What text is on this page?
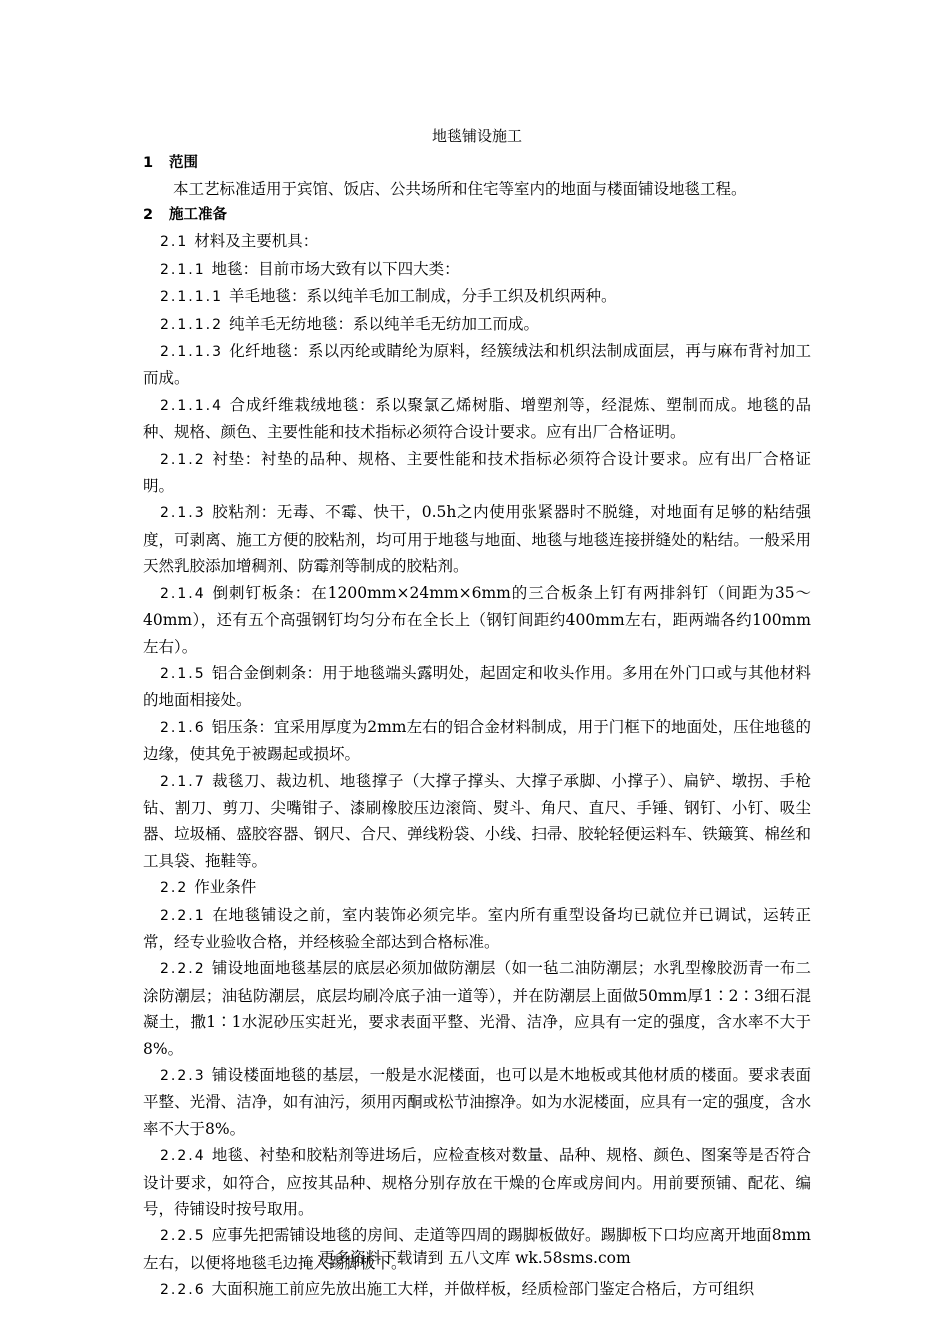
地毯铺设施工

1 范围

本工艺标准适用于宾馆、饭店、公共场所和住宅等室内的地面与楼面铺设地毯工程。

2 施工准备

2.1 材料及主要机具：

2.1.1 地毯：目前市场大致有以下四大类：

2.1.1.1 羊毛地毯：系以纯羊毛加工制成，分手工织及机织两种。

2.1.1.2 纯羊毛无纺地毯：系以纯羊毛无纺加工而成。

2.1.1.3 化纤地毯：系以丙纶或睛纶为原料，经簇绒法和机织法制成面层，再与麻布背衬加工而成。

2.1.1.4 合成纤维栽绒地毯：系以聚氯乙烯树脂、增塑剂等，经混炼、塑制而成。地毯的品种、规格、颜色、主要性能和技术指标必须符合设计要求。应有出厂合格证明。

2.1.2 衬垫：衬垫的品种、规格、主要性能和技术指标必须符合设计要求。应有出厂合格证明。

2.1.3 胶粘剂：无毒、不霉、快干，0.5h之内使用张紧器时不脱缝，对地面有足够的粘结强度，可剥离、施工方便的胶粘剂，均可用于地毯与地面、地毯与地毯连接拼缝处的粘结。一般采用天然乳胶添加增稠剂、防霉剂等制成的胶粘剂。

2.1.4 倒刺钉板条：在1200mm×24mm×6mm的三合板条上钉有两排斜钉（间距为35～40mm），还有五个高强钢钉均匀分布在全长上（钢钉间距约400mm左右，距两端各约100mm左右）。

2.1.5 铝合金倒刺条：用于地毯端头露明处，起固定和收头作用。多用在外门口或与其他材料的地面相接处。

2.1.6 铝压条：宜采用厚度为2mm左右的铝合金材料制成，用于门框下的地面处，压住地毯的边缘，使其免于被踢起或损坏。

2.1.7 裁毯刀、裁边机、地毯撑子（大撑子撑头、大撑子承脚、小撑子）、扁铲、墩拐、手枪钻、割刀、剪刀、尖嘴钳子、漆刷橡胶压边滚筒、熨斗、角尺、直尺、手锤、钢钉、小钉、吸尘器、垃圾桶、盛胶容器、钢尺、合尺、弹线粉袋、小线、扫帚、胶轮轻便运料车、铁簸箕、棉丝和工具袋、拖鞋等。

2.2 作业条件

2.2.1 在地毯铺设之前，室内装饰必须完毕。室内所有重型设备均已就位并已调试，运转正常，经专业验收合格，并经核验全部达到合格标准。

2.2.2 铺设地面地毯基层的底层必须加做防潮层（如一毡二油防潮层；水乳型橡胶沥青一布二涂防潮层；油毡防潮层，底层均刷冷底子油一道等），并在防潮层上面做50mm厚1∶2∶3细石混凝土，撒1∶1水泥砂压实赶光，要求表面平整、光滑、洁净，应具有一定的强度，含水率不大于8%。

2.2.3 铺设楼面地毯的基层，一般是水泥楼面，也可以是木地板或其他材质的楼面。要求表面平整、光滑、洁净，如有油污，须用丙酮或松节油擦净。如为水泥楼面，应具有一定的强度，含水率不大于8%。

2.2.4 地毯、衬垫和胶粘剂等进场后，应检查核对数量、品种、规格、颜色、图案等是否符合设计要求，如符合，应按其品种、规格分别存放在干燥的仓库或房间内。用前要预铺、配花、编号，待铺设时按号取用。

2.2.5 应事先把需铺设地毯的房间、走道等四周的踢脚板做好。踢脚板下口均应离开地面8mm左右，以便将地毯毛边掩入踢脚板下。

2.2.6 大面积施工前应先放出施工大样，并做样板，经质检部门鉴定合格后，方可组织

更多资料下载请到 五八文库 wk.58sms.com
